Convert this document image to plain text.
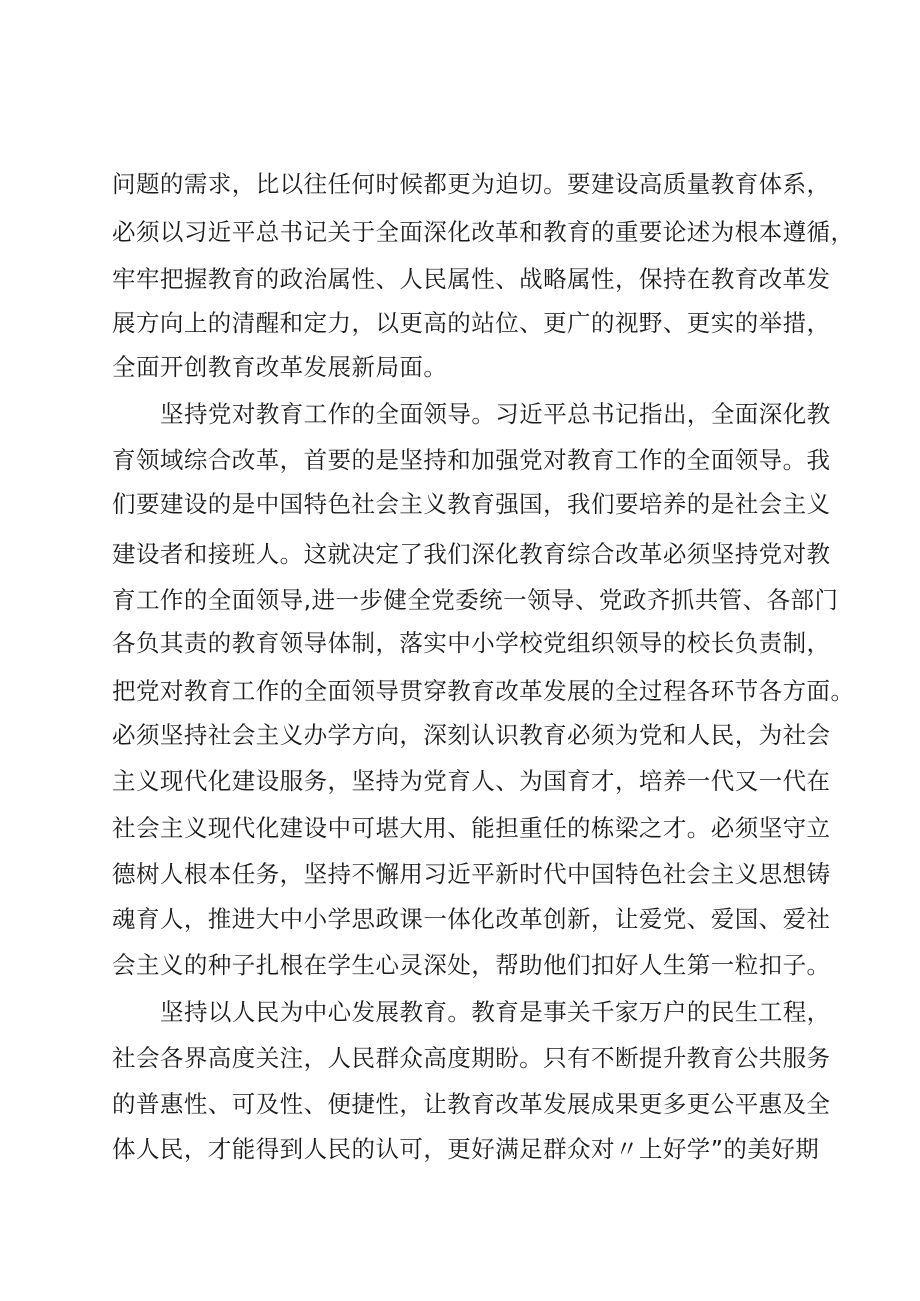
问题的需求，比以往任何时候都更为迫切。要建设高质量教育体系，
必须以习近平总书记关于全面深化改革和教育的重要论述为根本遵循，
牢牢把握教育的政治属性、人民属性、战略属性，保持在教育改革发
展方向上的清醒和定力，以更高的站位、更广的视野、更实的举措，
全面开创教育改革发展新局面。
坚持党对教育工作的全面领导。习近平总书记指出，全面深化教
育领域综合改革，首要的是坚持和加强党对教育工作的全面领导。我
们要建设的是中国特色社会主义教育强国，我们要培养的是社会主义
建设者和接班人。这就决定了我们深化教育综合改革必须坚持党对教
育工作的全面领导,进一步健全党委统一领导、党政齐抓共管、各部门
各负其责的教育领导体制，落实中小学校党组织领导的校长负责制，
把党对教育工作的全面领导贯穿教育改革发展的全过程各环节各方面。
必须坚持社会主义办学方向，深刻认识教育必须为党和人民，为社会
主义现代化建设服务，坚持为党育人、为国育才，培养一代又一代在
社会主义现代化建设中可堪大用、能担重任的栋梁之才。必须坚守立
德树人根本任务，坚持不懈用习近平新时代中国特色社会主义思想铸
魂育人，推进大中小学思政课一体化改革创新，让爱党、爱国、爱社
会主义的种子扎根在学生心灵深处，帮助他们扣好人生第一粒扣子。
坚持以人民为中心发展教育。教育是事关千家万户的民生工程，
社会各界高度关注，人民群众高度期盼。只有不断提升教育公共服务
的普惠性、可及性、便捷性，让教育改革发展成果更多更公平惠及全
体人民，才能得到人民的认可，更好满足群众对〃上好学”的美好期
